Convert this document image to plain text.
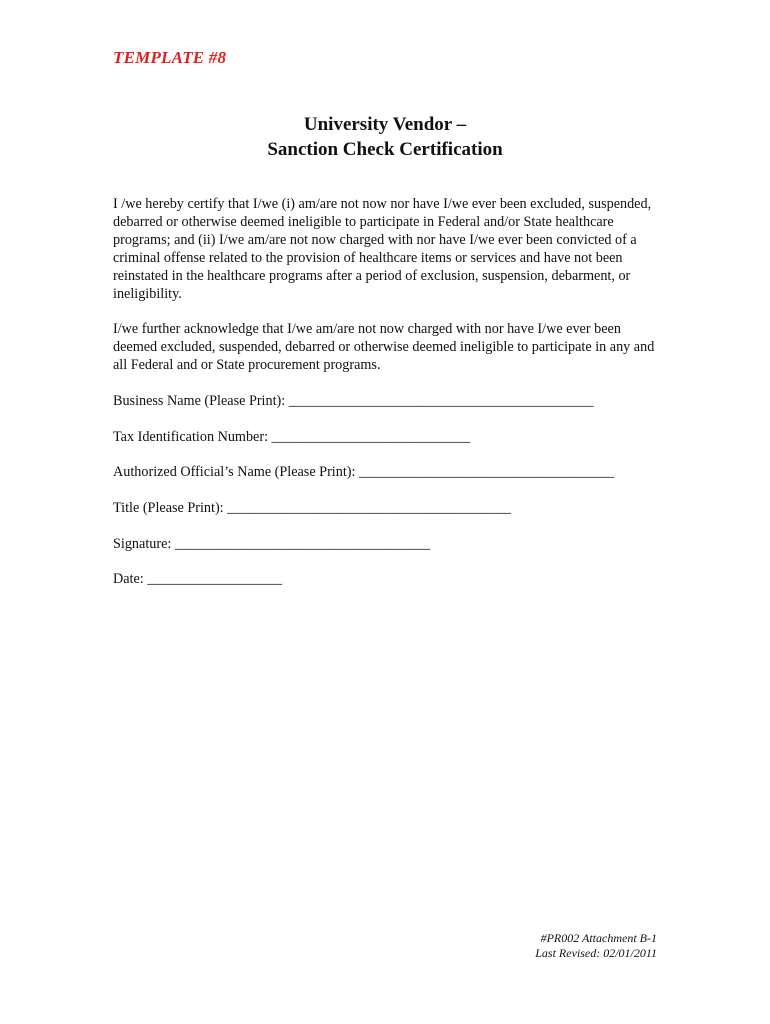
TEMPLATE #8
University Vendor –
Sanction Check Certification

I /we hereby certify that I/we (i) am/are not now nor have I/we ever been excluded, suspended, debarred or otherwise deemed ineligible to participate in Federal and/or State healthcare programs; and (ii) I/we am/are not now charged with nor have I/we ever been convicted of a criminal offense related to the provision of healthcare items or services and have not been reinstated in the healthcare programs after a period of exclusion, suspension, debarment, or ineligibility.

I/we further acknowledge that I/we am/are not now charged with nor have I/we ever been deemed excluded, suspended, debarred or otherwise deemed ineligible to participate in any and all Federal and or State procurement programs.

Business Name (Please Print): ___________________________________________
Tax Identification Number: ____________________________
Authorized Official’s Name (Please Print): ____________________________________
Title (Please Print): ________________________________________
Signature: ____________________________________
Date: ___________________
#PR002 Attachment B-1
Last Revised: 02/01/2011
